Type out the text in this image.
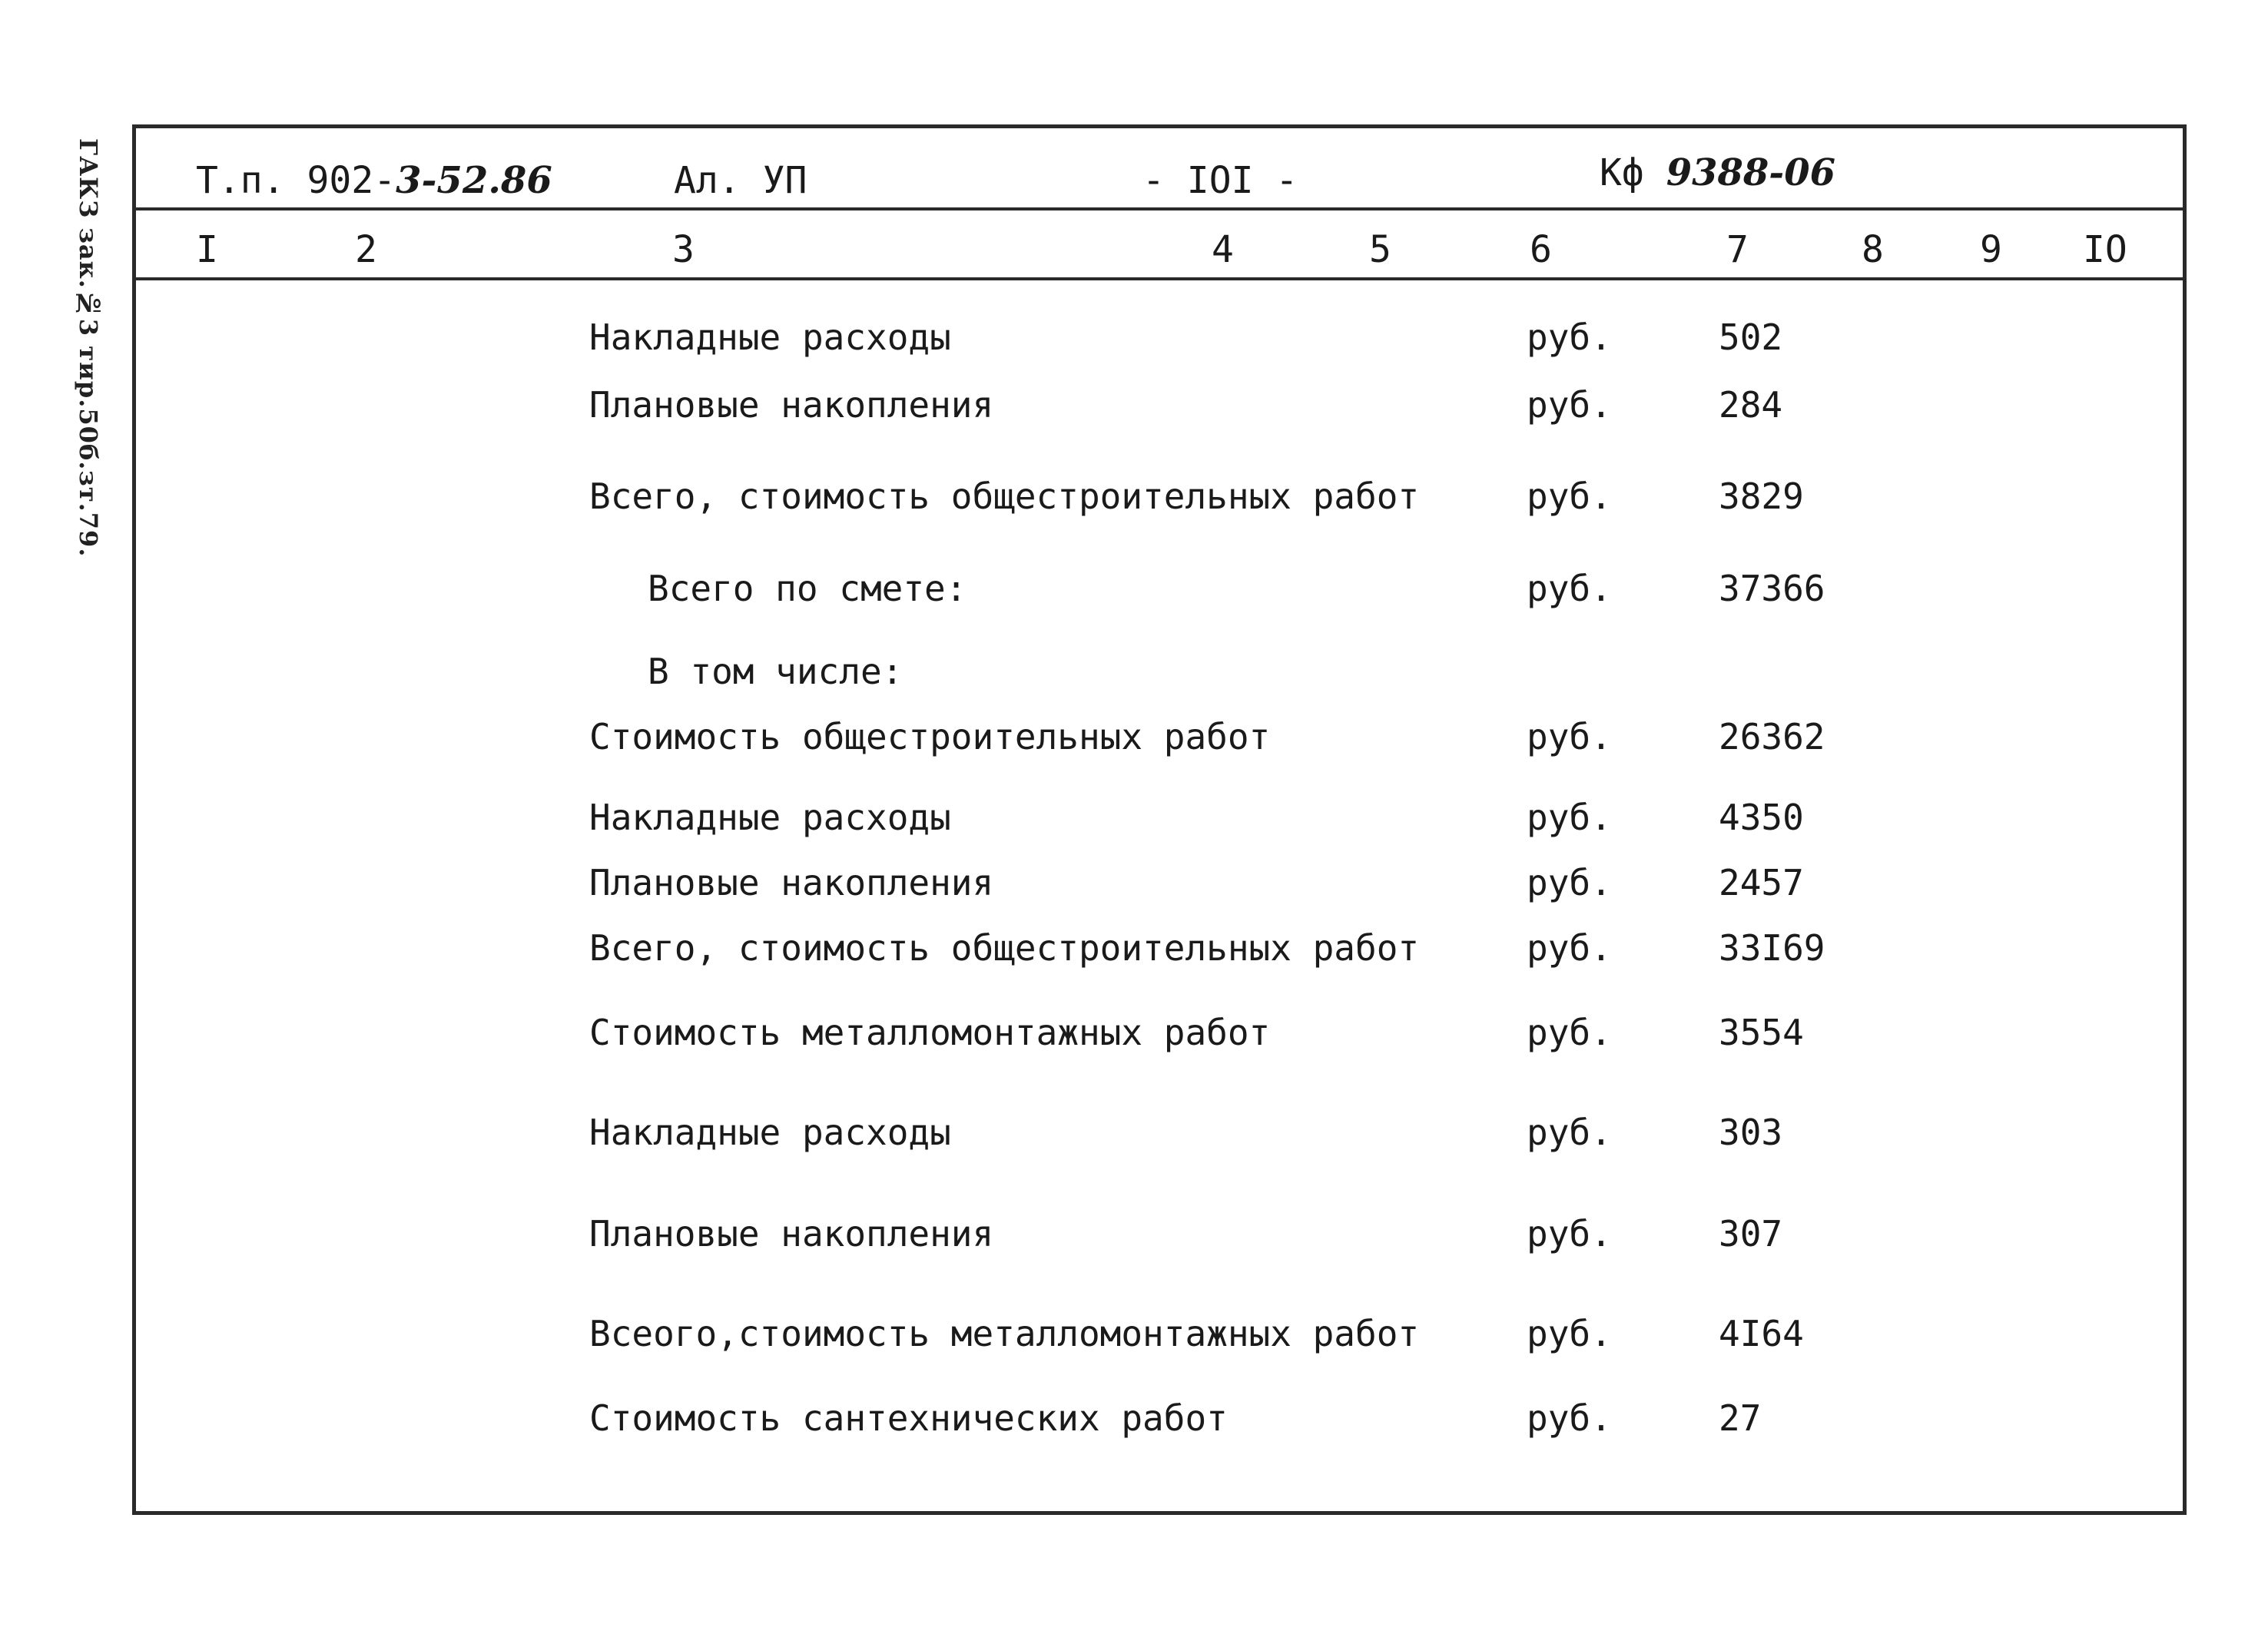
ГАКЗ зак.№3 тир.50б.зт.79.	Т.п. 902-3-52.86	Ал. УП	- IOI -	Кф 9388-06
I	2	3	4	5	6	7	8	9 IO
Накладные расходы	руб.	502
Плановые накопления	руб.	284
Всего, стоимость общестроительных работ	руб.	3829
Всего по смете:	руб.	37366
В том числе:
Стоимость общестроительных работ	руб.	26362
Накладные расходы	руб.	4350
Плановые накопления	руб.	2457
Всего, стоимость общестроительных работ	руб.	33I69
Стоимость металломонтажных работ	руб.	3554
Накладные расходы	руб.	303
Плановые накопления	руб.	307
Всеого,стоимость металломонтажных работ	руб.	4I64
Стоимость сантехнических работ	руб.	27
